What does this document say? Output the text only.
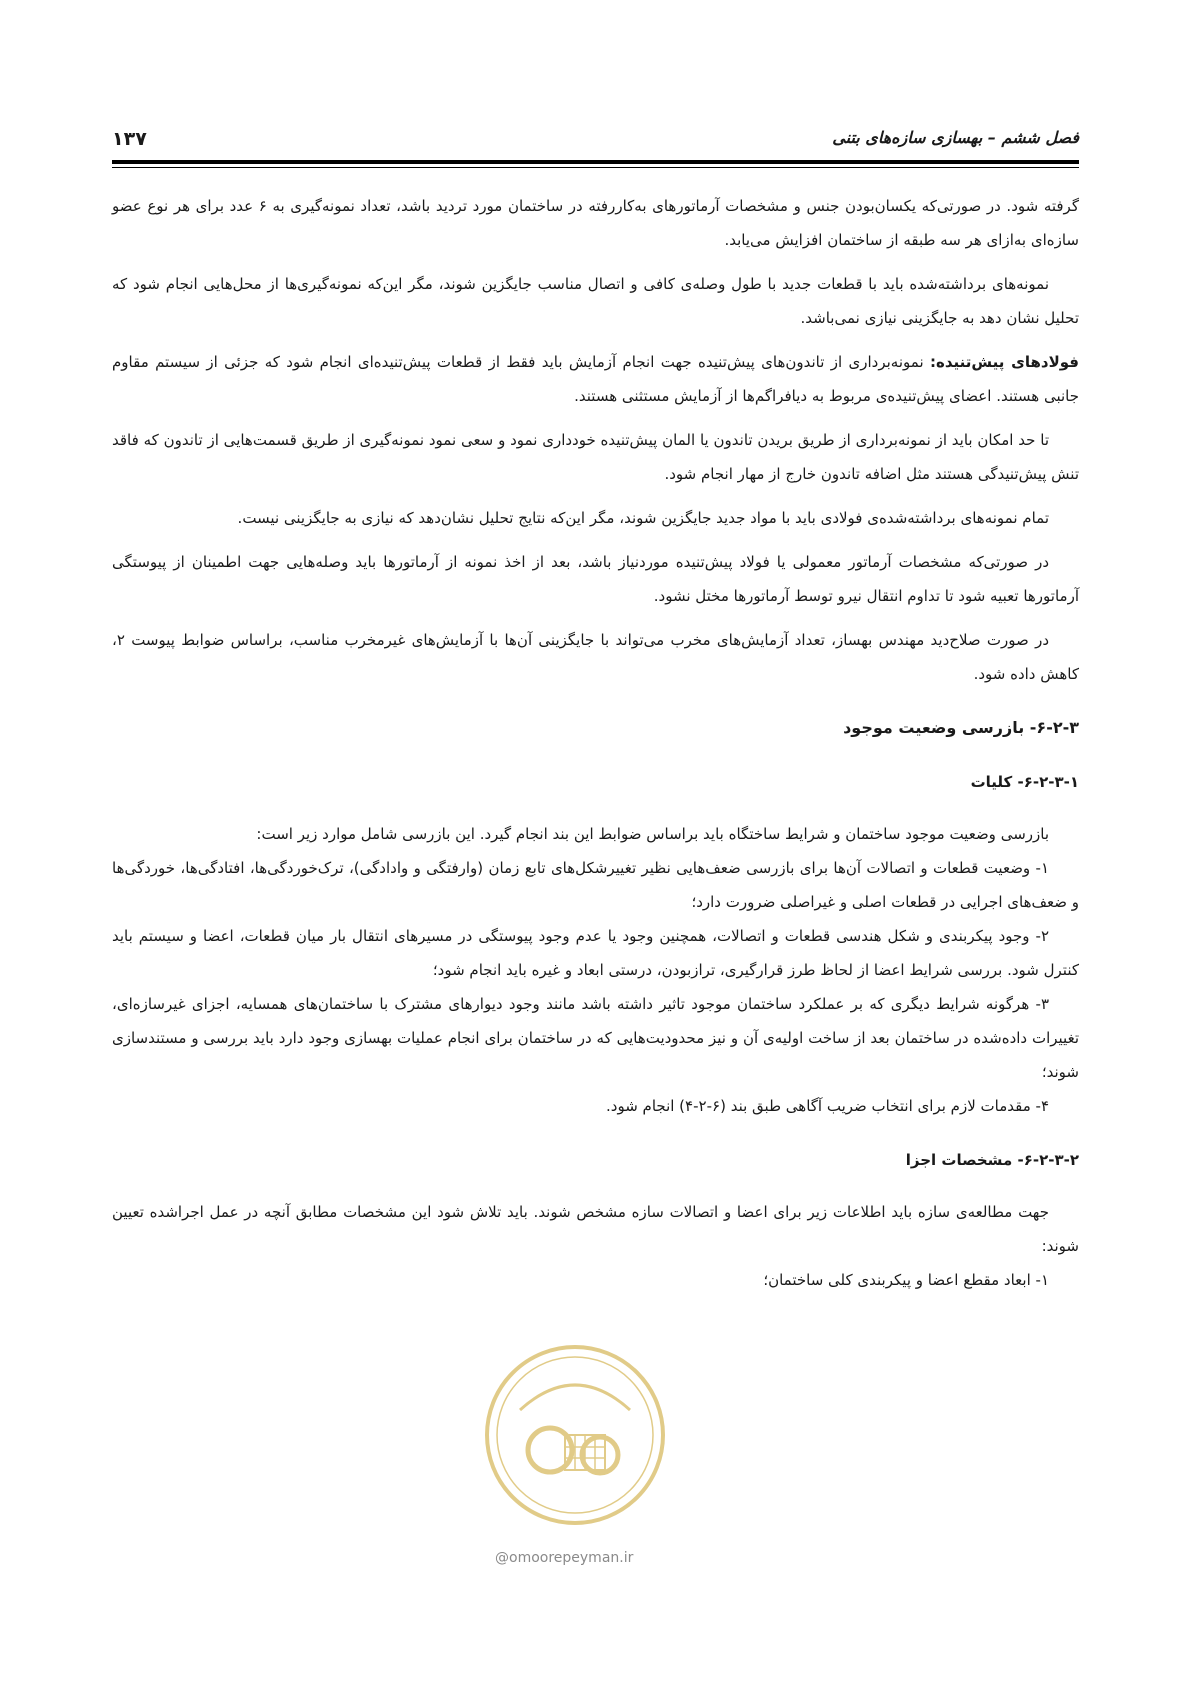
فصل ششم – بهسازی سازه‌های بتنی
۱۳۷

گرفته شود. در صورتی‌که یکسان‌بودن جنس و مشخصات آرماتورهای به‌کاررفته در ساختمان مورد تردید باشد، تعداد نمونه‌گیری به ۶ عدد برای هر نوع عضو سازه‌ای به‌ازای هر سه طبقه از ساختمان افزایش می‌یابد.

نمونه‌های برداشته‌شده باید با قطعات جدید با طول وصله‌ی کافی و اتصال مناسب جایگزین شوند، مگر این‌که نمونه‌گیری‌ها از محل‌هایی انجام شود که تحلیل نشان دهد به جایگزینی نیازی نمی‌باشد.

فولادهای پیش‌تنیده: نمونه‌برداری از تاندون‌های پیش‌تنیده جهت انجام آزمایش باید فقط از قطعات پیش‌تنیده‌ای انجام شود که جزئی از سیستم مقاوم جانبی هستند. اعضای پیش‌تنیده‌ی مربوط به دیافراگم‌ها از آزمایش مستثنی هستند.

تا حد امکان باید از نمونه‌برداری از طریق بریدن تاندون یا المان پیش‌تنیده خودداری نمود و سعی نمود نمونه‌گیری از طریق قسمت‌هایی از تاندون که فاقد تنش پیش‌تنیدگی هستند مثل اضافه تاندون خارج از مهار انجام شود.

تمام نمونه‌های برداشته‌شده‌ی فولادی باید با مواد جدید جایگزین شوند، مگر این‌که نتایج تحلیل نشان‌دهد که نیازی به جایگزینی نیست.

در صورتی‌که مشخصات آرماتور معمولی یا فولاد پیش‌تنیده موردنیاز باشد، بعد از اخذ نمونه از آرماتورها باید وصله‌هایی جهت اطمینان از پیوستگی آرماتورها تعبیه شود تا تداوم انتقال نیرو توسط آرماتورها مختل نشود.

در صورت صلاح‌دید مهندس بهساز، تعداد آزمایش‌های مخرب می‌تواند با جایگزینی آن‌ها با آزمایش‌های غیرمخرب مناسب، براساس ضوابط پیوست ۲، کاهش داده شود.

۶-۲-۳- بازرسی وضعیت موجود
۶-۲-۳-۱- کلیات

بازرسی وضعیت موجود ساختمان و شرایط ساختگاه باید براساس ضوابط این بند انجام گیرد. این بازرسی شامل موارد زیر است:

۱- وضعیت قطعات و اتصالات آن‌ها برای بازرسی ضعف‌هایی نظیر تغییرشکل‌های تابع زمان (وارفتگی و وادادگی)، ترک‌خوردگی‌ها، افتادگی‌ها، خوردگی‌ها و ضعف‌های اجرایی در قطعات اصلی و غیراصلی ضرورت دارد؛

۲- وجود پیکربندی و شکل هندسی قطعات و اتصالات، همچنین وجود یا عدم وجود پیوستگی در مسیرهای انتقال بار میان قطعات، اعضا و سیستم باید کنترل شود. بررسی شرایط اعضا از لحاظ طرز قرارگیری، ترازبودن، درستی ابعاد و غیره باید انجام شود؛

۳- هرگونه شرایط دیگری که بر عملکرد ساختمان موجود تاثیر داشته باشد مانند وجود دیوارهای مشترک با ساختمان‌های همسایه، اجزای غیرسازه‌ای، تغییرات داده‌شده در ساختمان بعد از ساخت اولیه‌ی آن و نیز محدودیت‌هایی که در ساختمان برای انجام عملیات بهسازی وجود دارد باید بررسی و مستندسازی شوند؛

۴- مقدمات لازم برای انتخاب ضریب آگاهی طبق بند (۶-۲-۴) انجام شود.

۶-۲-۳-۲- مشخصات اجزا

جهت مطالعه‌ی سازه باید اطلاعات زیر برای اعضا و اتصالات سازه مشخص شوند. باید تلاش شود این مشخصات مطابق آنچه در عمل اجراشده تعیین شوند:

۱- ابعاد مقطع اعضا و پیکربندی کلی ساختمان؛

@omoorepeyman.ir
